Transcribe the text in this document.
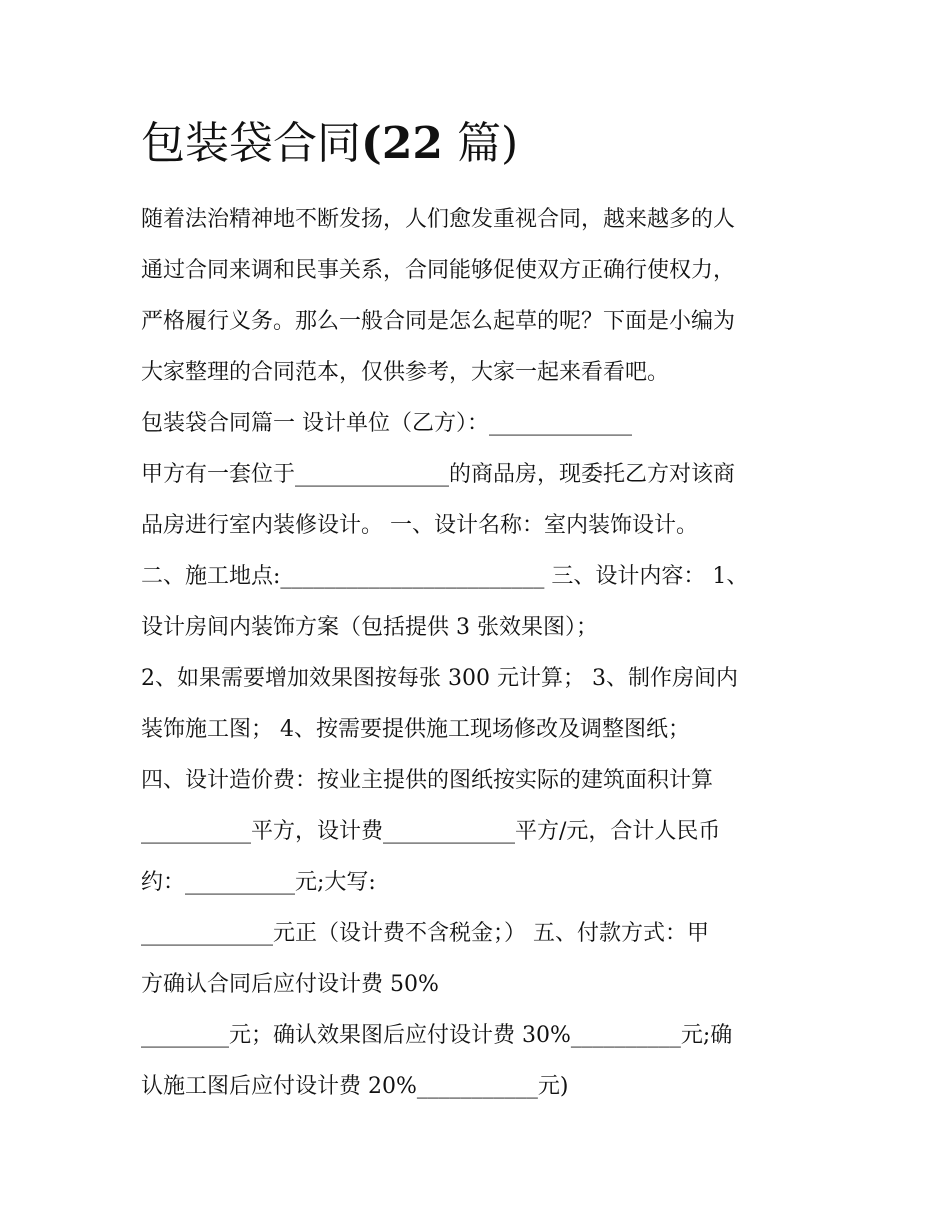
包装袋合同(22 篇)
随着法治精神地不断发扬，人们愈发重视合同，越来越多的人
通过合同来调和民事关系，合同能够促使双方正确行使权力，
严格履行义务。那么一般合同是怎么起草的呢？下面是小编为
大家整理的合同范本，仅供参考，大家一起来看看吧。
包装袋合同篇一 设计单位（乙方）：_____________
甲方有一套位于______________的商品房，现委托乙方对该商
品房进行室内装修设计。 一、设计名称：室内装饰设计。
二、施工地点:________________________ 三、设计内容： 1、
设计房间内装饰方案（包括提供 3 张效果图）；
2、如果需要增加效果图按每张 300 元计算； 3、制作房间内
装饰施工图； 4、按需要提供施工现场修改及调整图纸；
四、设计造价费：按业主提供的图纸按实际的建筑面积计算
__________平方，设计费____________平方/元，合计人民币
约：__________元;大写:
____________元正（设计费不含税金；） 五、付款方式：甲
方确认合同后应付设计费 50%
________元；确认效果图后应付设计费 30%__________元;确
认施工图后应付设计费 20%___________元)
